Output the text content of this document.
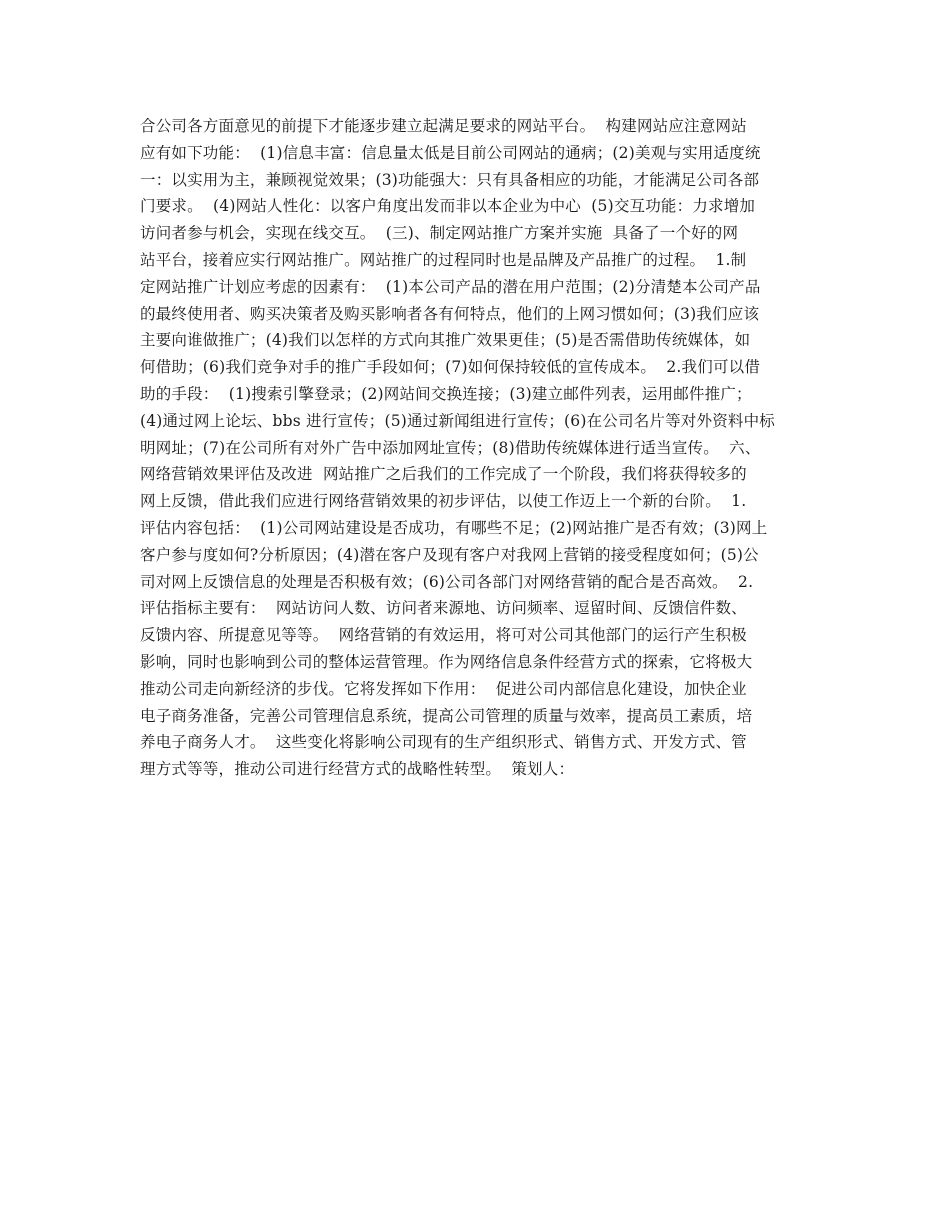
合公司各方面意见的前提下才能逐步建立起满足要求的网站平台。  构建网站应注意网站
应有如下功能：  (1)信息丰富：信息量太低是目前公司网站的通病；(2)美观与实用适度统
一：以实用为主，兼顾视觉效果；(3)功能强大：只有具备相应的功能，才能满足公司各部
门要求。  (4)网站人性化：以客户角度出发而非以本企业为中心  (5)交互功能：力求增加
访问者参与机会，实现在线交互。  (三)、制定网站推广方案并实施  具备了一个好的网
站平台，接着应实行网站推广。网站推广的过程同时也是品牌及产品推广的过程。  1.制
定网站推广计划应考虑的因素有：  (1)本公司产品的潜在用户范围；(2)分清楚本公司产品
的最终使用者、购买决策者及购买影响者各有何特点，他们的上网习惯如何；(3)我们应该
主要向谁做推广；(4)我们以怎样的方式向其推广效果更佳；(5)是否需借助传统媒体，如
何借助；(6)我们竞争对手的推广手段如何；(7)如何保持较低的宣传成本。  2.我们可以借
助的手段：  (1)搜索引擎登录；(2)网站间交换连接；(3)建立邮件列表，运用邮件推广；
(4)通过网上论坛、bbs 进行宣传；(5)通过新闻组进行宣传；(6)在公司名片等对外资料中标
明网址；(7)在公司所有对外广告中添加网址宣传；(8)借助传统媒体进行适当宣传。  六、
网络营销效果评估及改进  网站推广之后我们的工作完成了一个阶段，我们将获得较多的
网上反馈，借此我们应进行网络营销效果的初步评估，以使工作迈上一个新的台阶。  1.
评估内容包括：  (1)公司网站建设是否成功，有哪些不足；(2)网站推广是否有效；(3)网上
客户参与度如何?分析原因；(4)潜在客户及现有客户对我网上营销的接受程度如何；(5)公
司对网上反馈信息的处理是否积极有效；(6)公司各部门对网络营销的配合是否高效。  2.
评估指标主要有：  网站访问人数、访问者来源地、访问频率、逗留时间、反馈信件数、
反馈内容、所提意见等等。  网络营销的有效运用，将可对公司其他部门的运行产生积极
影响，同时也影响到公司的整体运营管理。作为网络信息条件经营方式的探索，它将极大
推动公司走向新经济的步伐。它将发挥如下作用：  促进公司内部信息化建设，加快企业
电子商务准备，完善公司管理信息系统，提高公司管理的质量与效率，提高员工素质，培
养电子商务人才。  这些变化将影响公司现有的生产组织形式、销售方式、开发方式、管
理方式等等，推动公司进行经营方式的战略性转型。  策划人：
